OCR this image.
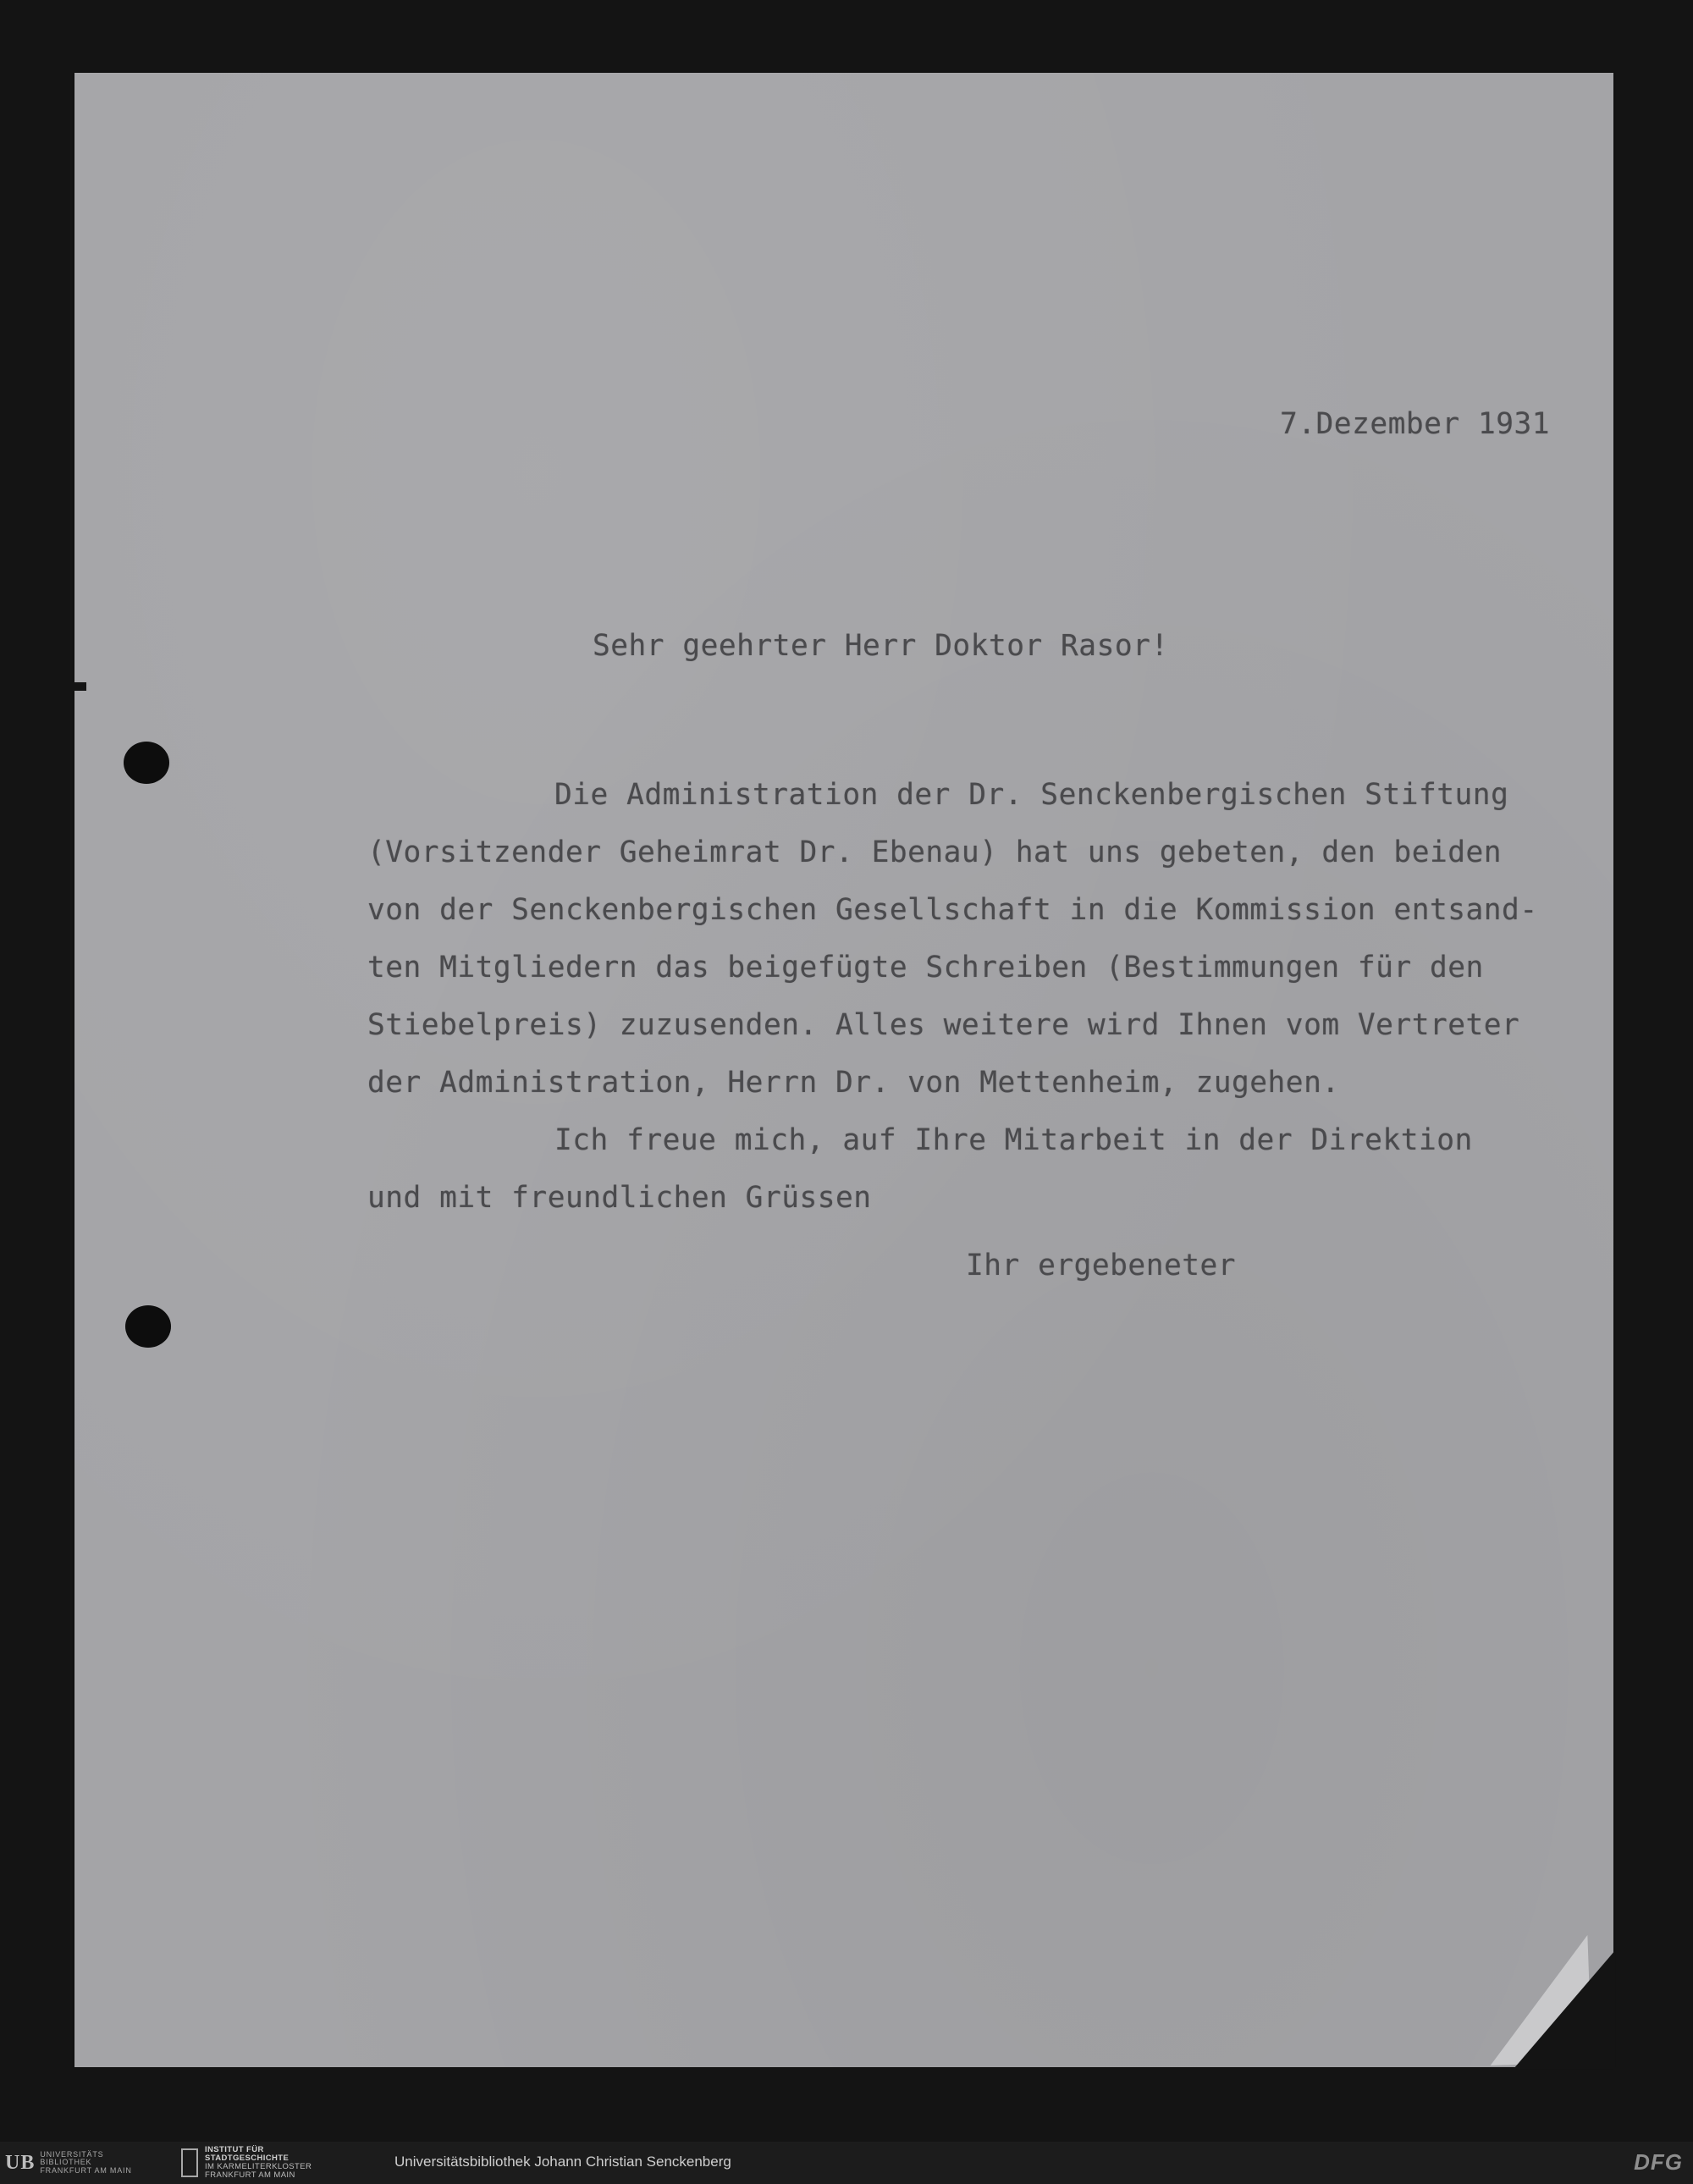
7.Dezember 1931
Sehr geehrter Herr Doktor Rasor!
Die Administration der Dr. Senckenbergischen Stiftung
(Vorsitzender Geheimrat Dr. Ebenau) hat uns gebeten, den beiden
von der Senckenbergischen Gesellschaft in die Kommission entsand-
ten Mitgliedern das beigefügte Schreiben (Bestimmungen für den
Stiebelpreis) zuzusenden. Alles weitere wird Ihnen vom Vertreter
der Administration, Herrn Dr. von Mettenheim, zugehen.
Ich freue mich, auf Ihre Mitarbeit in der Direktion
und mit freundlichen Grüssen
Ihr ergebeneter
UB UNIVERSITÄTS
BIBLIOTHEK
FRANKFURT AM MAIN
INSTITUT FÜR
STADTGESCHICHTE
IM KARMELITERKLOSTER
FRANKFURT AM MAIN
Universitätsbibliothek Johann Christian Senckenberg	DFG
